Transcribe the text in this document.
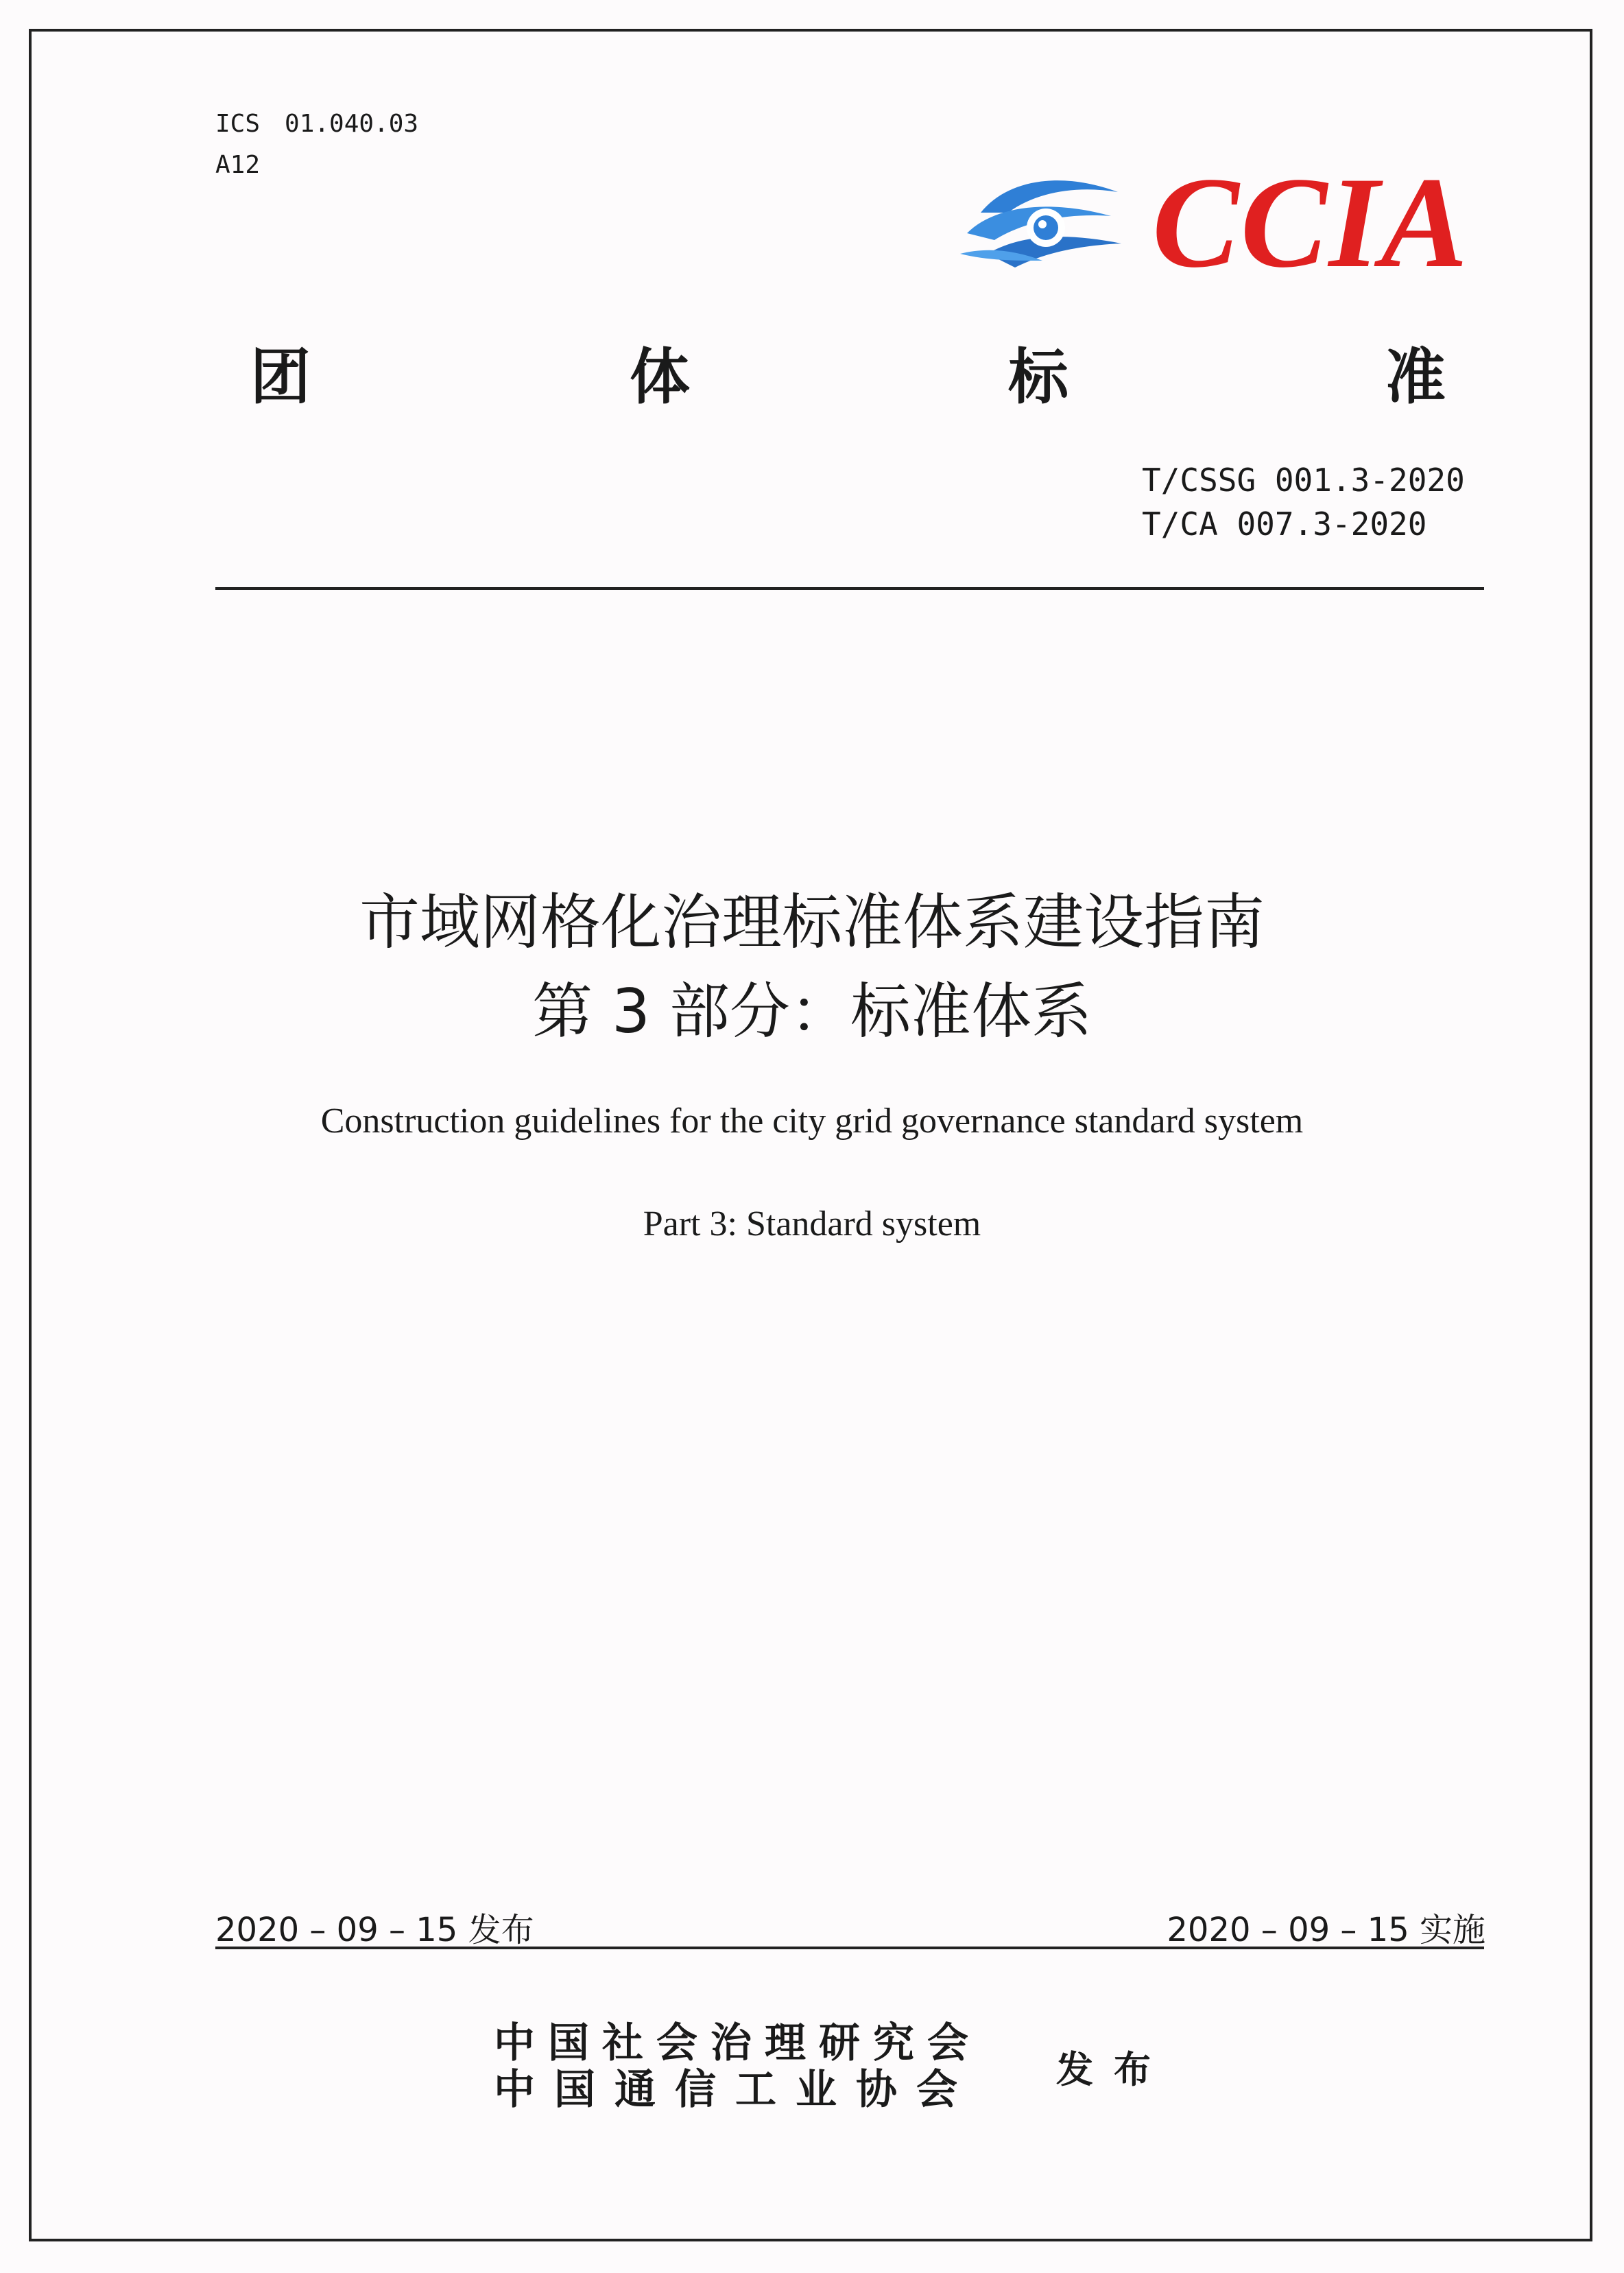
ICS 01.040.03
A12	CCIA
团	体	标	准
T/CSSG 001.3-2020
T/CA 007.3-2020
市域网格化治理标准体系建设指南
第 3 部分：标准体系
Construction guidelines for the city grid governance standard system
Part 3: Standard system
2020 – 09 – 15 发布	2020 – 09 – 15 实施
中国社会治理研究会
中国通信工业协会 发布
